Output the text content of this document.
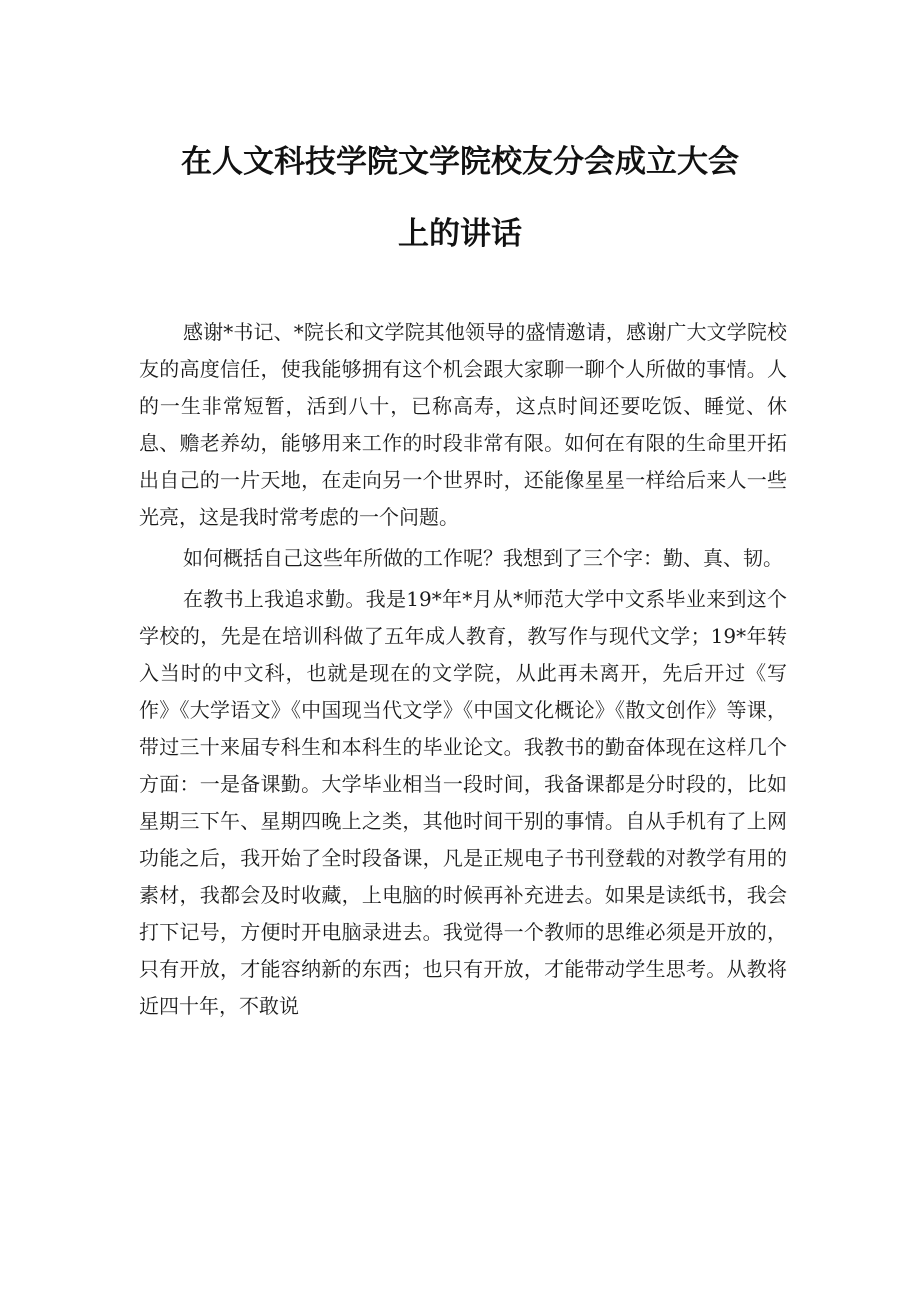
在人文科技学院文学院校友分会成立大会
上的讲话

感谢*书记、*院长和文学院其他领导的盛情邀请，感谢广大文学院校友的高度信任，使我能够拥有这个机会跟大家聊一聊个人所做的事情。人的一生非常短暂，活到八十，已称高寿，这点时间还要吃饭、睡觉、休息、赡老养幼，能够用来工作的时段非常有限。如何在有限的生命里开拓出自己的一片天地，在走向另一个世界时，还能像星星一样给后来人一些光亮，这是我时常考虑的一个问题。

如何概括自己这些年所做的工作呢？我想到了三个字：勤、真、韧。

在教书上我追求勤。我是19*年*月从*师范大学中文系毕业来到这个学校的，先是在培训科做了五年成人教育，教写作与现代文学；19*年转入当时的中文科，也就是现在的文学院，从此再未离开，先后开过《写作》《大学语文》《中国现当代文学》《中国文化概论》《散文创作》等课，带过三十来届专科生和本科生的毕业论文。我教书的勤奋体现在这样几个方面：一是备课勤。大学毕业相当一段时间，我备课都是分时段的，比如星期三下午、星期四晚上之类，其他时间干别的事情。自从手机有了上网功能之后，我开始了全时段备课，凡是正规电子书刊登载的对教学有用的素材，我都会及时收藏，上电脑的时候再补充进去。如果是读纸书，我会打下记号，方便时开电脑录进去。我觉得一个教师的思维必须是开放的，只有开放，才能容纳新的东西；也只有开放，才能带动学生思考。从教将近四十年，不敢说
